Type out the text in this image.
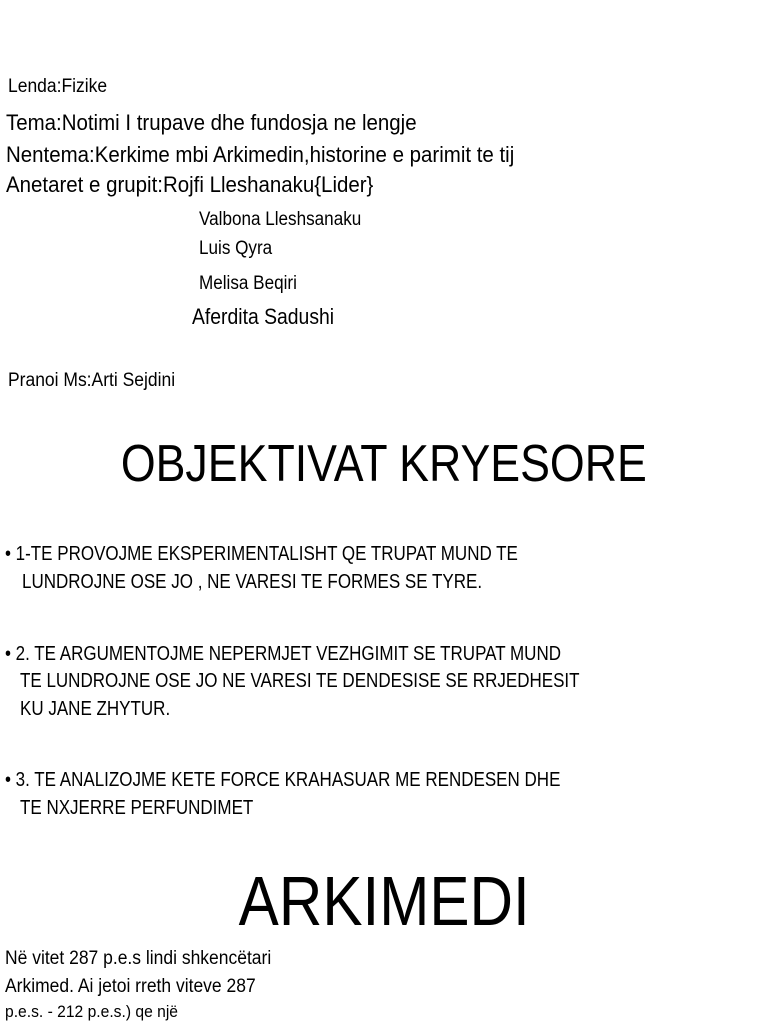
Lenda:Fizike
Tema:Notimi I trupave dhe fundosja ne lengje
Nentema:Kerkime mbi Arkimedin,historine e parimit te tij
Anetaret e grupit:Rojfi Lleshanaku{Lider}
Valbona Lleshsanaku
Luis Qyra
Melisa Beqiri
Aferdita Sadushi
Pranoi Ms:Arti Sejdini
OBJEKTIVAT KRYESORE
• 1-TE PROVOJME EKSPERIMENTALISHT QE TRUPAT MUND TE
LUNDROJNE OSE JO , NE VARESI TE FORMES SE TYRE.
• 2. TE ARGUMENTOJME NEPERMJET VEZHGIMIT SE TRUPAT MUND
TE LUNDROJNE OSE JO NE VARESI TE DENDESISE SE RRJEDHESIT
KU JANE ZHYTUR.
• 3. TE ANALIZOJME KETE FORCE KRAHASUAR ME RENDESEN DHE
TE NXJERRE PERFUNDIMET
ARKIMEDI
Në vitet 287 p.e.s lindi shkencëtari
Arkimed. Ai jetoi rreth viteve 287
p.e.s. - 212 p.e.s.) qe një
